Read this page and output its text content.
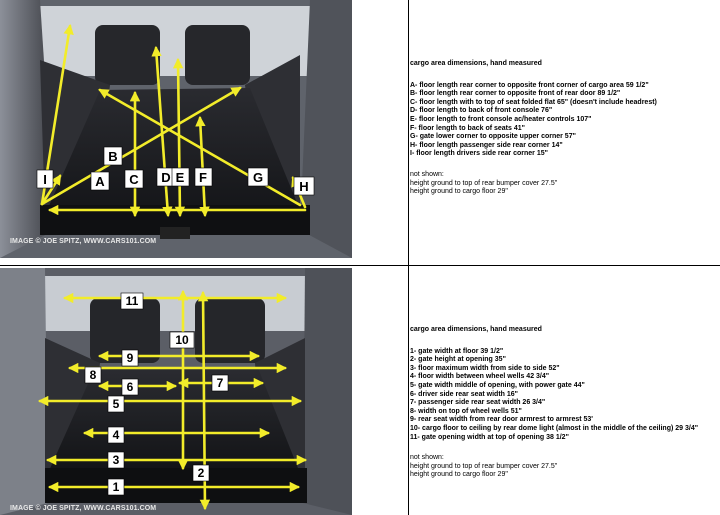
I
B
A C D E F	G
H
IMAGE © JOE SPITZ, WWW.CARS101.COM
cargo area dimensions, hand measured
A- floor length rear corner to opposite front corner of cargo area 59 1/2"
B- floor length rear corner to opposite front of rear door 89 1/2"
C- floor length with to top of seat folded flat 65" (doesn't include headrest)
D- floor length to back of front console 76"
E- floor length to front console ac/heater controls 107"
F- floor length to back of seats 41"
G- gate lower corner to opposite upper corner 57"
H- floor length passenger side rear corner 14"
I- floor length drivers side rear corner 15"
not shown:
height ground to top of rear bumper cover 27.5"
height ground to cargo floor 29"
11
10
9
8
6	7
5
4
3
2
1
IMAGE © JOE SPITZ, WWW.CARS101.COM
cargo area dimensions, hand measured
1- gate width at floor 39 1/2"
2- gate height at opening 35"
3- floor maximum width from side to side 52"
4- floor width between wheel wells 42 3/4"
5- gate width middle of opening, with power gate 44"
6- driver side rear seat width 16"
7- passenger side rear seat width 26 3/4"
8- width on top of wheel wells 51"
9- rear seat width from rear door armrest to armrest 53'
10- cargo floor to ceiling by rear dome light (almost in the middle of the ceiling) 29 3/4"
11- gate opening width at top of opening 38 1/2"
not shown:
height ground to top of rear bumper cover 27.5"
height ground to cargo floor 29"
